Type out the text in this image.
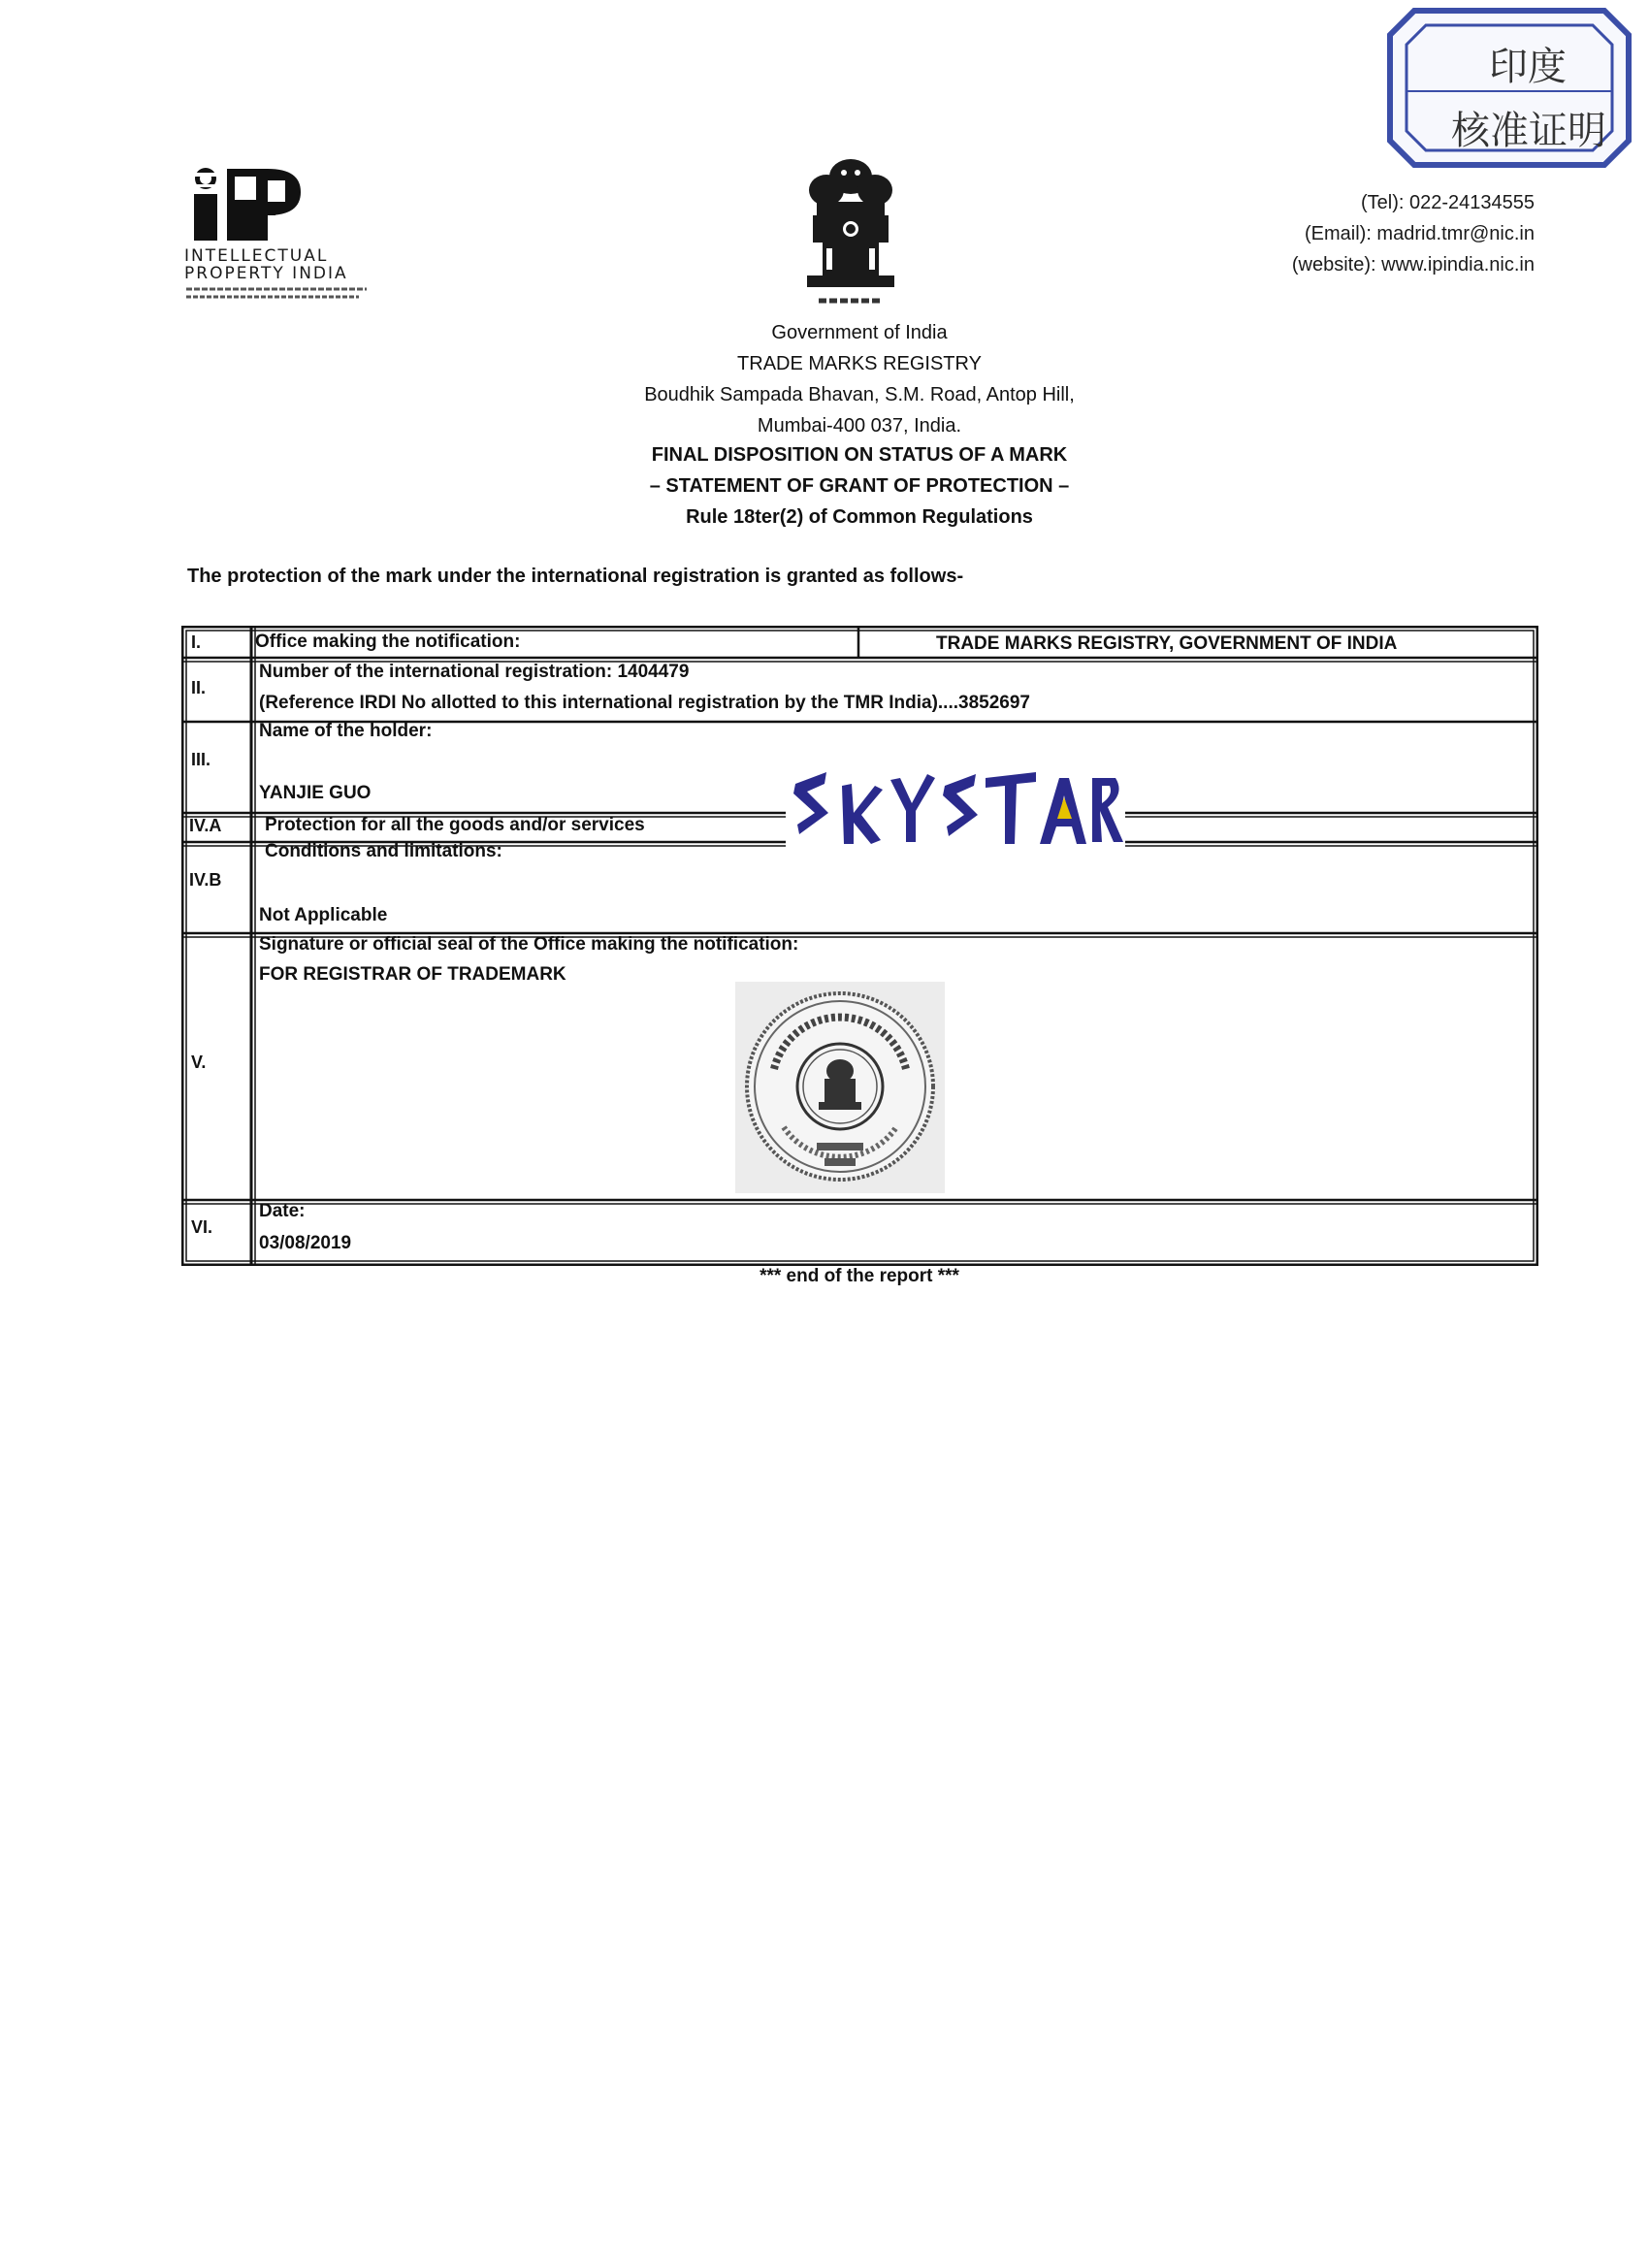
印度
核准证明
INTELLECTUAL
PROPERTY INDIA
(Tel): 022-24134555
(Email): madrid.tmr@nic.in
(website): www.ipindia.nic.in
Government of India
TRADE MARKS REGISTRY
Boudhik Sampada Bhavan, S.M. Road, Antop Hill,
Mumbai-400 037, India.
FINAL DISPOSITION ON STATUS OF A MARK
– STATEMENT OF GRANT OF PROTECTION –
Rule 18ter(2) of Common Regulations
The protection of the mark under the international registration is granted as follows-
I.	Office making the notification:	TRADE MARKS REGISTRY, GOVERNMENT OF INDIA
II.
Number of the international registration: 1404479
(Reference IRDI No allotted to this international registration by the TMR India)....3852697
III.
Name of the holder:
YANJIE GUO
IV.A Protection for all the goods and/or services
IV.B
Conditions and limitations:
Not Applicable
V.
Signature or official seal of the Office making the notification:
FOR REGISTRAR OF TRADEMARK
VI.
Date:
03/08/2019
*** end of the report ***
